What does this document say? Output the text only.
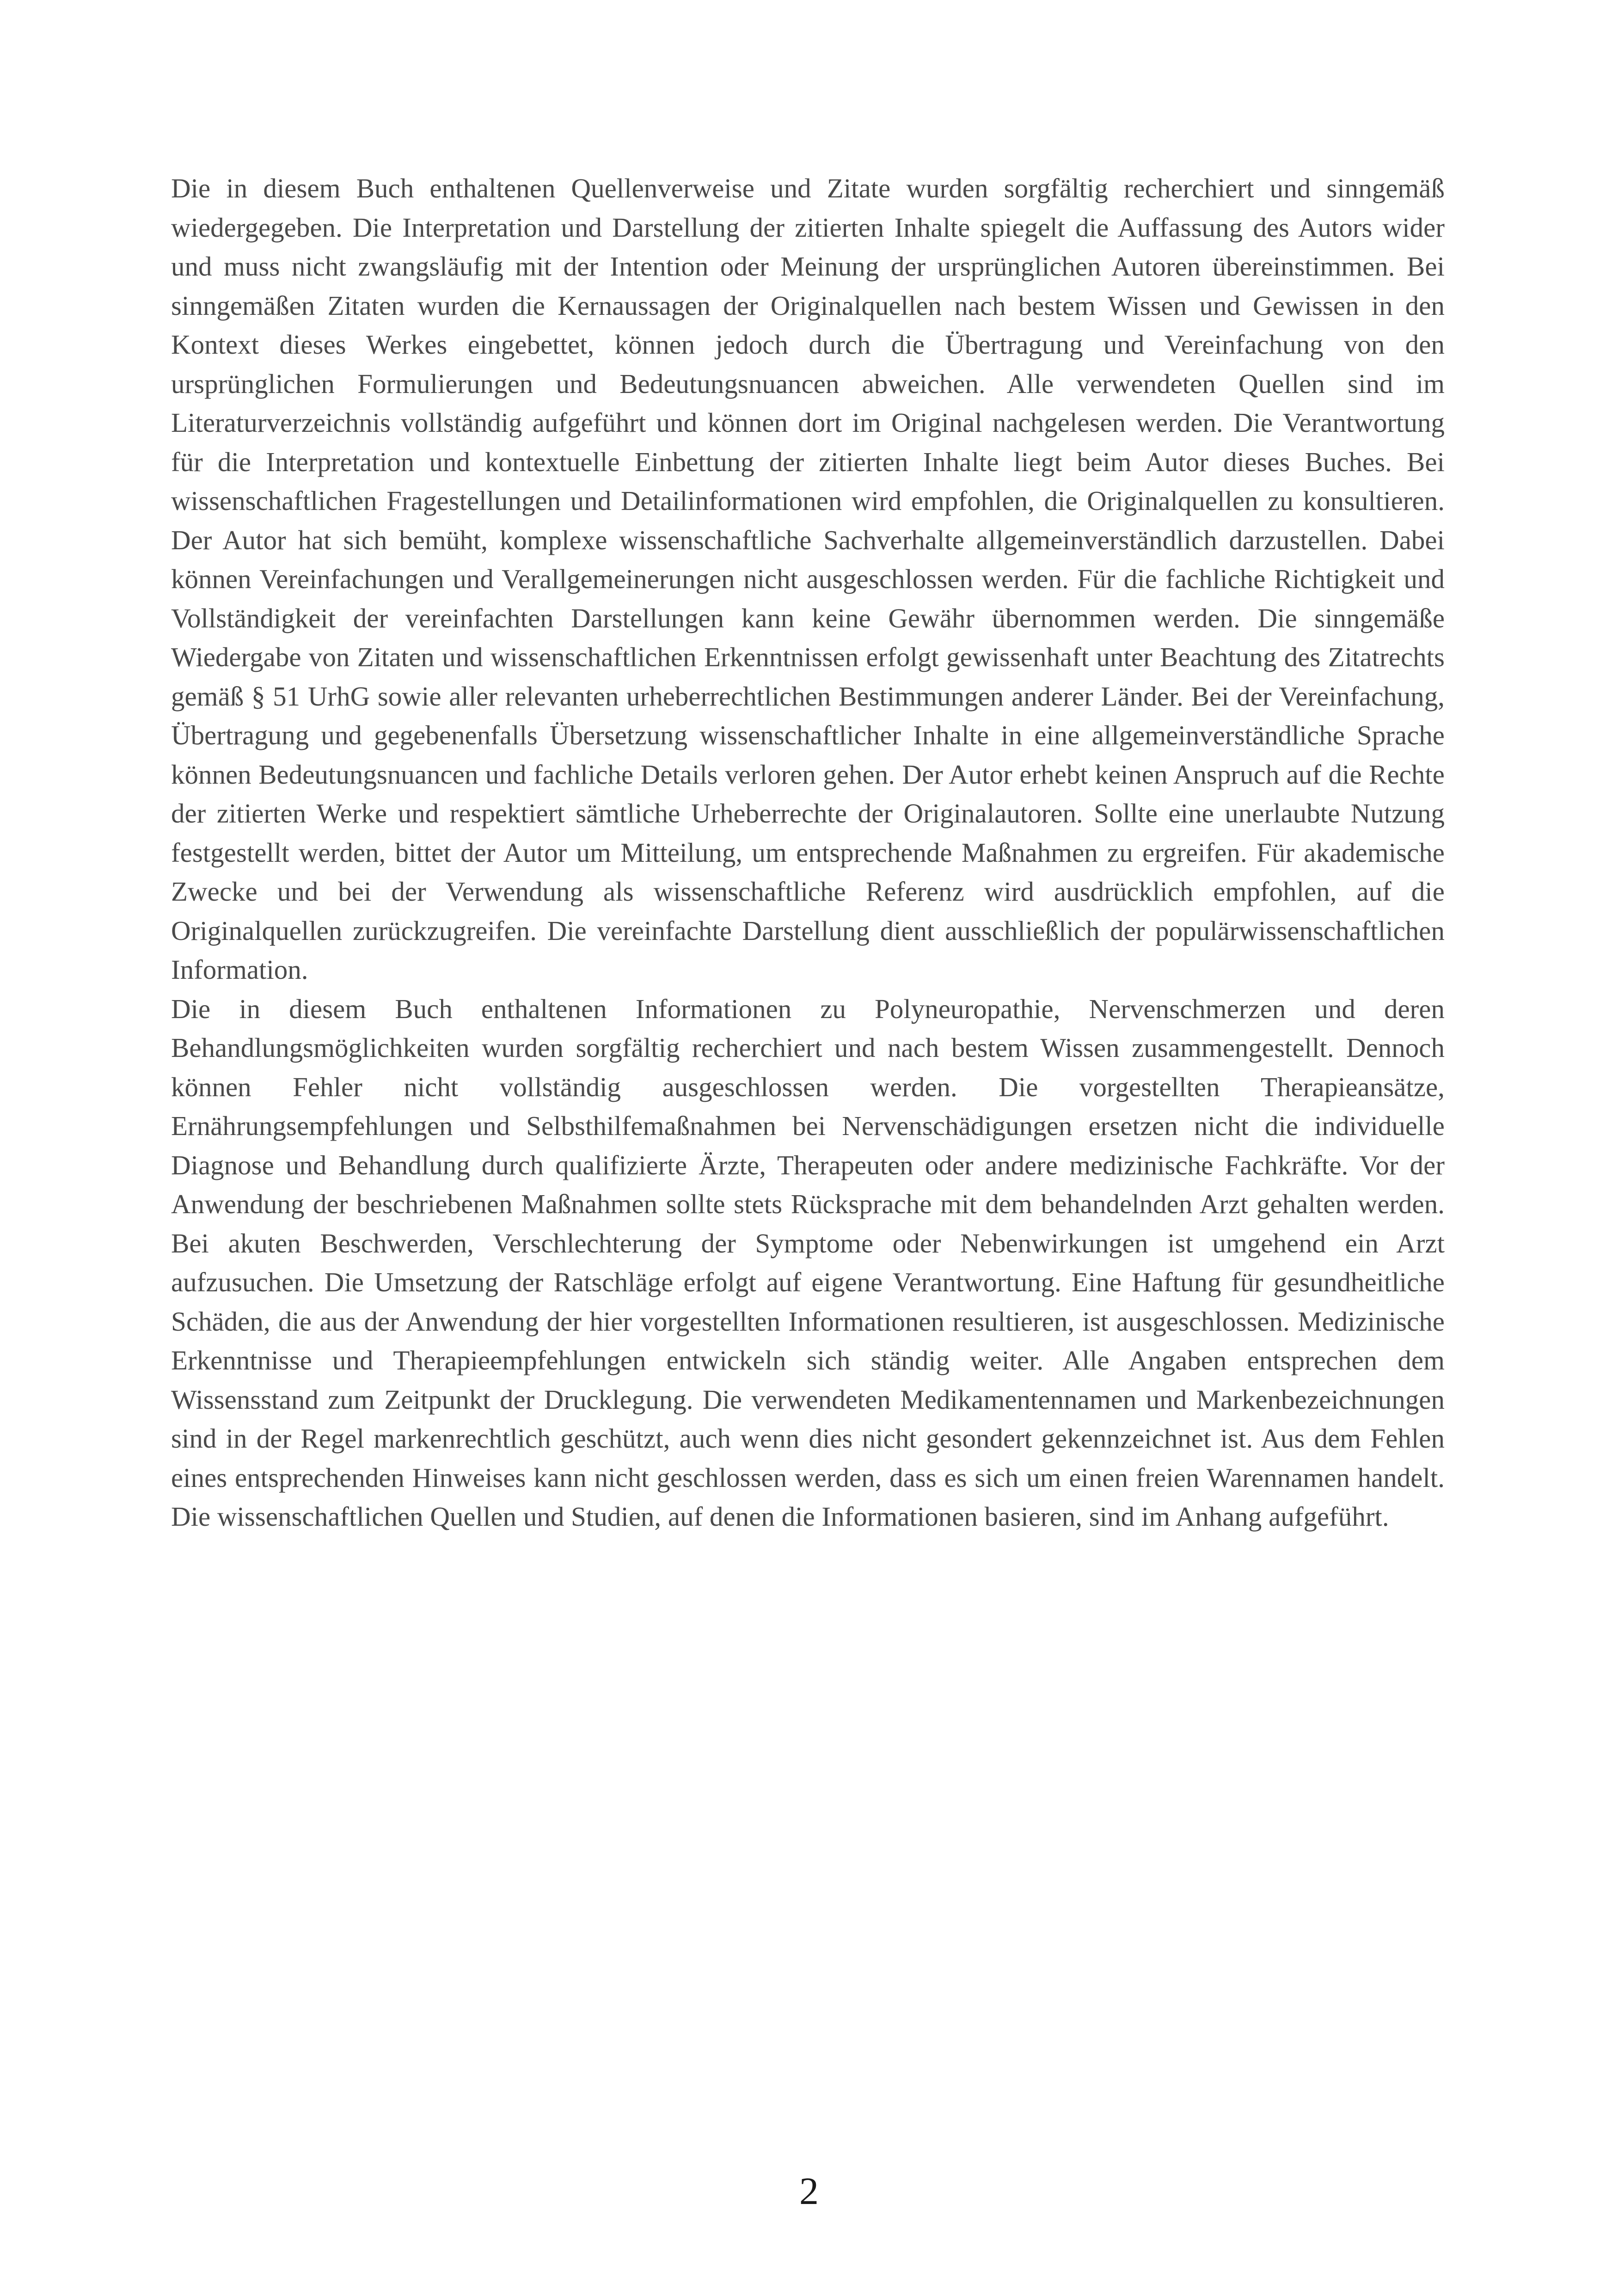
Die in diesem Buch enthaltenen Quellenverweise und Zitate wurden sorgfältig recherchiert und sinngemäß wiedergegeben. Die Interpretation und Darstellung der zitierten Inhalte spiegelt die Auffassung des Autors wider und muss nicht zwangsläufig mit der Intention oder Meinung der ursprünglichen Autoren übereinstimmen. Bei sinngemäßen Zitaten wurden die Kernaussagen der Originalquellen nach bestem Wissen und Gewissen in den Kontext dieses Werkes eingebettet, können jedoch durch die Übertragung und Vereinfachung von den ursprünglichen Formulierungen und Bedeutungsnuancen abweichen. Alle verwendeten Quellen sind im Literaturverzeichnis vollständig aufgeführt und können dort im Original nachgelesen werden. Die Verantwortung für die Interpretation und kontextuelle Einbettung der zitierten Inhalte liegt beim Autor dieses Buches. Bei wissenschaftlichen Fragestellungen und Detailinformationen wird empfohlen, die Originalquellen zu konsultieren. Der Autor hat sich bemüht, komplexe wissenschaftliche Sachverhalte allgemeinverständlich darzustellen. Dabei können Vereinfachungen und Verallgemeinerungen nicht ausgeschlossen werden. Für die fachliche Richtigkeit und Vollständigkeit der vereinfachten Darstellungen kann keine Gewähr übernommen werden. Die sinngemäße Wiedergabe von Zitaten und wissenschaftlichen Erkenntnissen erfolgt gewissenhaft unter Beachtung des Zitatrechts gemäß § 51 UrhG sowie aller relevanten urheberrechtlichen Bestimmungen anderer Länder. Bei der Vereinfachung, Übertragung und gegebenenfalls Übersetzung wissenschaftlicher Inhalte in eine allgemeinverständliche Sprache können Bedeutungsnuancen und fachliche Details verloren gehen. Der Autor erhebt keinen Anspruch auf die Rechte der zitierten Werke und respektiert sämtliche Urheberrechte der Originalautoren. Sollte eine unerlaubte Nutzung festgestellt werden, bittet der Autor um Mitteilung, um entsprechende Maßnahmen zu ergreifen. Für akademische Zwecke und bei der Verwendung als wissenschaftliche Referenz wird ausdrücklich empfohlen, auf die Originalquellen zurückzugreifen. Die vereinfachte Darstellung dient ausschließlich der populärwissenschaftlichen Information.

Die in diesem Buch enthaltenen Informationen zu Polyneuropathie, Nervenschmerzen und deren Behandlungsmöglichkeiten wurden sorgfältig recherchiert und nach bestem Wissen zusammengestellt. Dennoch können Fehler nicht vollständig ausgeschlossen werden. Die vorgestellten Therapieansätze, Ernährungsempfehlungen und Selbsthilfemaßnahmen bei Nervenschädigungen ersetzen nicht die individuelle Diagnose und Behandlung durch qualifizierte Ärzte, Therapeuten oder andere medizinische Fachkräfte. Vor der Anwendung der beschriebenen Maßnahmen sollte stets Rücksprache mit dem behandelnden Arzt gehalten werden. Bei akuten Beschwerden, Verschlechterung der Symptome oder Nebenwirkungen ist umgehend ein Arzt aufzusuchen. Die Umsetzung der Ratschläge erfolgt auf eigene Verantwortung. Eine Haftung für gesundheitliche Schäden, die aus der Anwendung der hier vorgestellten Informationen resultieren, ist ausgeschlossen. Medizinische Erkenntnisse und Therapieempfehlungen entwickeln sich ständig weiter. Alle Angaben entsprechen dem Wissensstand zum Zeitpunkt der Drucklegung. Die verwendeten Medikamentennamen und Markenbezeichnungen sind in der Regel markenrechtlich geschützt, auch wenn dies nicht gesondert gekennzeichnet ist. Aus dem Fehlen eines entsprechenden Hinweises kann nicht geschlossen werden, dass es sich um einen freien Warennamen handelt. Die wissenschaftlichen Quellen und Studien, auf denen die Informationen basieren, sind im Anhang aufgeführt.

2
